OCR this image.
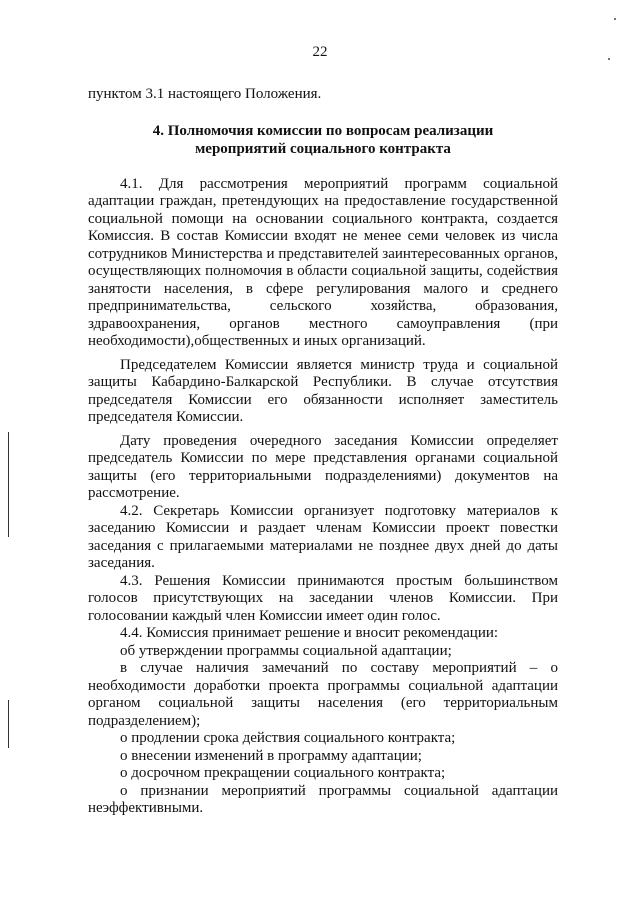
22

пунктом 3.1 настоящего Положения.

4. Полномочия комиссии по вопросам реализации
мероприятий социального контракта

4.1. Для рассмотрения мероприятий программ социальной адаптации граждан, претендующих на предоставление государственной социальной помощи на основании социального контракта, создается Комиссия. В состав Комиссии входят не менее семи человек из числа сотрудников Министерства и представителей заинтересованных органов, осуществляющих полномочия в области социальной защиты, содействия занятости населения, в сфере регулирования малого и среднего предпринимательства, сельского хозяйства, образования, здравоохранения, органов местного самоуправления (при необходимости),общественных и иных организаций.

Председателем Комиссии является министр труда и социальной защиты Кабардино-Балкарской Республики. В случае отсутствия председателя Комиссии его обязанности исполняет заместитель председателя Комиссии.

Дату проведения очередного заседания Комиссии определяет председатель Комиссии по мере представления органами социальной защиты (его территориальными подразделениями) документов на рассмотрение.

4.2. Секретарь Комиссии организует подготовку материалов к заседанию Комиссии и раздает членам Комиссии проект повестки заседания с прилагаемыми материалами не позднее двух дней до даты заседания.

4.3. Решения Комиссии принимаются простым большинством голосов присутствующих на заседании членов Комиссии. При голосовании каждый член Комиссии имеет один голос.

4.4. Комиссия принимает решение и вносит рекомендации:

об утверждении программы социальной адаптации;

в случае наличия замечаний по составу мероприятий – о необходимости доработки проекта программы социальной адаптации органом социальной защиты населения (его территориальным подразделением);

о продлении срока действия социального контракта;

о внесении изменений в программу адаптации;

о досрочном прекращении социального контракта;

о признании мероприятий программы социальной адаптации неэффективными.
